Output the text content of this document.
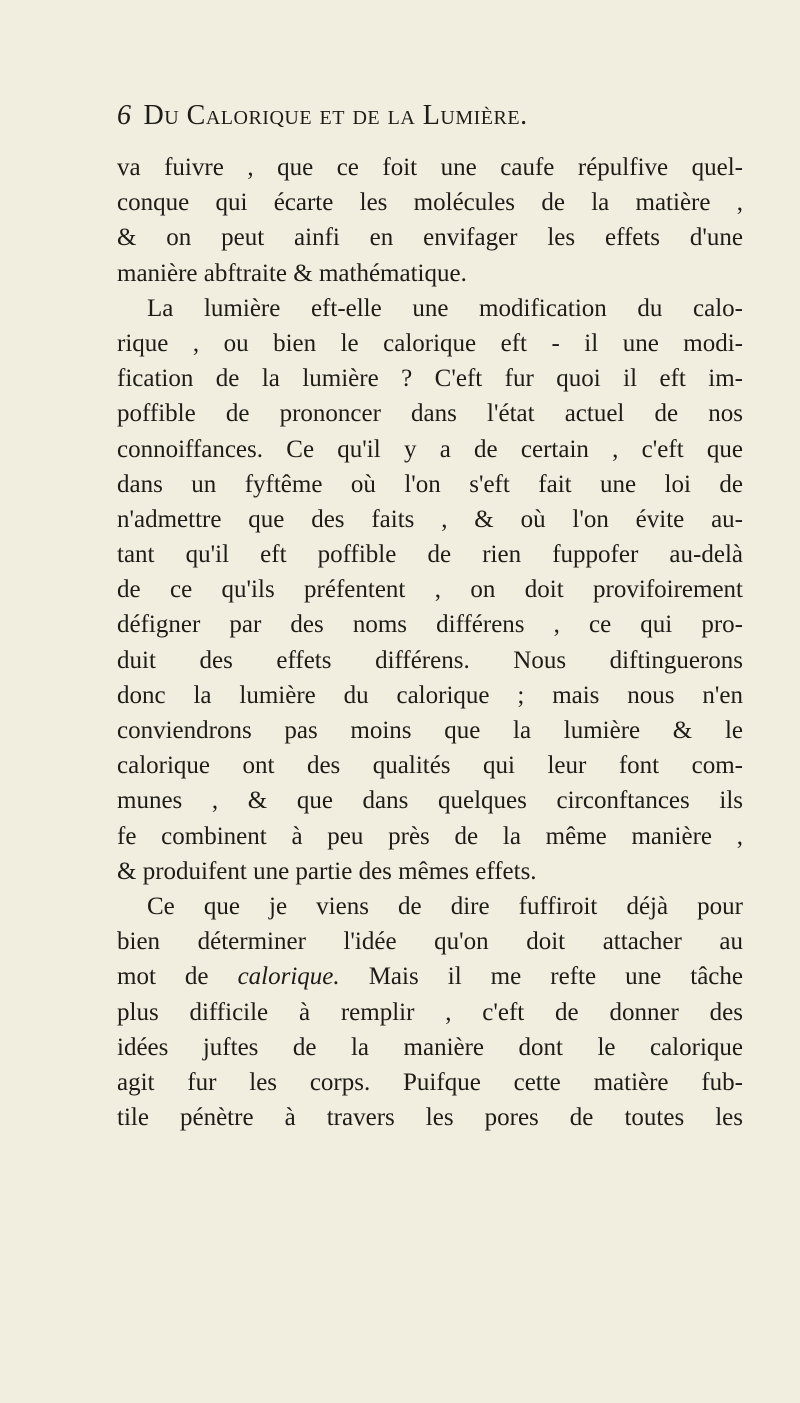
6 Du Calorique et de la Lumière.
va fuivre , que ce foit une caufe répulfive quel-
conque qui écarte les molécules de la matière ,
& on peut ainfi en envifager les effets d'une
manière abftraite & mathématique.
La lumière eft-elle une modification du calo-
rique , ou bien le calorique eft - il une modi-
fication de la lumière ? C'eft fur quoi il eft im-
poffible de prononcer dans l'état actuel de nos
connoiffances. Ce qu'il y a de certain , c'eft que
dans un fyftême où l'on s'eft fait une loi de
n'admettre que des faits , & où l'on évite au-
tant qu'il eft poffible de rien fuppofer au-delà
de ce qu'ils préfentent , on doit provifoirement
défigner par des noms différens , ce qui pro-
duit des effets différens. Nous diftinguerons
donc la lumière du calorique ; mais nous n'en
conviendrons pas moins que la lumière & le
calorique ont des qualités qui leur font com-
munes , & que dans quelques circonftances ils
fe combinent à peu près de la même manière ,
& produifent une partie des mêmes effets.
Ce que je viens de dire fuffiroit déjà pour
bien déterminer l'idée qu'on doit attacher au
mot de calorique. Mais il me refte une tâche
plus difficile à remplir , c'eft de donner des
idées juftes de la manière dont le calorique
agit fur les corps. Puifque cette matière fub-
tile pénètre à travers les pores de toutes les
